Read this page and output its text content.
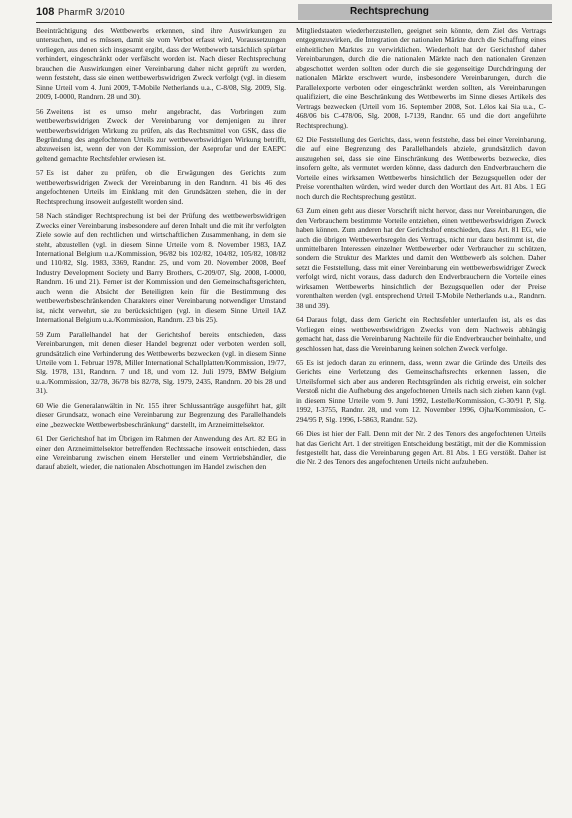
108 PharmR 3/2010	Rechtsprechung

Beeinträchtigung des Wettbewerbs erkennen, sind ihre Auswirkungen zu untersuchen, und es müssen, damit sie vom Verbot erfasst wird, Voraussetzungen vorliegen, aus denen sich insgesamt ergibt, dass der Wettbewerb tatsächlich spürbar verhindert, eingeschränkt oder verfälscht worden ist. Nach dieser Rechtsprechung brauchen die Auswirkungen einer Vereinbarung daher nicht geprüft zu werden, wenn feststeht, dass sie einen wettbewerbswidrigen Zweck verfolgt (vgl. in diesem Sinne Urteil vom 4. Juni 2009, T-Mobile Netherlands u.a., C-8/08, Slg. 2009, Slg. 2009, I-0000, Randnrn. 28 und 30).

56 Zweitens ist es umso mehr angebracht, das Vorbringen zum wettbewerbswidrigen Zweck der Vereinbarung vor demjenigen zu ihrer wettbewerbswidrigen Wirkung zu prüfen, als das Rechtsmittel von GSK, dass die Begründung des angefochtenen Urteils zur wettbewerbswidrigen Wirkung betrifft, abzuweisen ist, wenn der von der Kommission, der Aseprofar und der EAEPC geltend gemachte Rechtsfehler erwiesen ist.

57 Es ist daher zu prüfen, ob die Erwägungen des Gerichts zum wettbewerbswidrigen Zweck der Vereinbarung in den Randnrn. 41 bis 46 des angefochtenen Urteils im Einklang mit den Grundsätzen stehen, die in der Rechtsprechung insoweit aufgestellt worden sind.

58 Nach ständiger Rechtsprechung ist bei der Prüfung des wettbewerbswidrigen Zwecks einer Vereinbarung insbesondere auf deren Inhalt und die mit ihr verfolgten Ziele sowie auf den rechtlichen und wirtschaftlichen Zusammenhang, in dem sie steht, abzustellen (vgl. in diesem Sinne Urteile vom 8. November 1983, IAZ International Belgium u.a./Kommission, 96/82 bis 102/82, 104/82, 105/82, 108/82 und 110/82, Slg. 1983, 3369, Randnr. 25, und vom 20. November 2008, Beef Industry Development Society und Barry Brothers, C-209/07, Slg. 2008, I-0000, Randnrn. 16 und 21). Ferner ist der Kommission und den Gemeinschaftsgerichten, auch wenn die Absicht der Beteiligten kein für die Bestimmung des wettbewerbsbeschränkenden Charakters einer Vereinbarung notwendiger Umstand ist, nicht verwehrt, sie zu berücksichtigen (vgl. in diesem Sinne Urteil IAZ International Belgium u.a./Kommission, Randnrn. 23 bis 25).

59 Zum Parallelhandel hat der Gerichtshof bereits entschieden, dass Vereinbarungen, mit denen dieser Handel begrenzt oder verboten werden soll, grundsätzlich eine Verhinderung des Wettbewerbs bezwecken (vgl. in diesem Sinne Urteile vom 1. Februar 1978, Miller International Schallplatten/Kommission, 19/77, Slg. 1978, 131, Randnrn. 7 und 18, und vom 12. Juli 1979, BMW Belgium u.a./Kommission, 32/78, 36/78 bis 82/78, Slg. 1979, 2435, Randnrn. 20 bis 28 und 31).

60 Wie die Generalanwältin in Nr. 155 ihrer Schlussanträge ausgeführt hat, gilt dieser Grundsatz, wonach eine Vereinbarung zur Begrenzung des Parallelhandels eine „bezweckte Wettbewerbsbeschränkung“ darstellt, im Arzneimittelsektor.

61 Der Gerichtshof hat im Übrigen im Rahmen der Anwendung des Art. 82 EG in einer den Arzneimittelsektor betreffenden Rechtssache insoweit entschieden, dass eine Vereinbarung zwischen einem Hersteller und einem Vertriebshändler, die darauf abzielt, wieder, die nationalen Abschottungen im Handel zwischen den

Mitgliedstaaten wiederherzustellen, geeignet sein könnte, dem Ziel des Vertrags entgegenzuwirken, die Integration der nationalen Märkte durch die Schaffung eines einheitlichen Marktes zu verwirklichen. Wiederholt hat der Gerichtshof daher Vereinbarungen, durch die die nationalen Märkte nach den nationalen Grenzen abgeschottet werden sollten oder durch die sie gegenseitige Durchdringung der nationalen Märkte erschwert wurde, insbesondere Vereinbarungen, durch die Parallelexporte verboten oder eingeschränkt werden sollten, als Vereinbarungen qualifiziert, die eine Beschränkung des Wettbewerbs im Sinne dieses Artikels des Vertrags bezwecken (Urteil vom 16. September 2008, Sot. Lélos kai Sia u.a., C-468/06 bis C-478/06, Slg. 2008, I-7139, Randnr. 65 und die dort angeführte Rechtsprechung).

62 Die Feststellung des Gerichts, dass, wenn feststehe, dass bei einer Vereinbarung, die auf eine Begrenzung des Parallelhandels abziele, grundsätzlich davon auszugehen sei, dass sie eine Einschränkung des Wettbewerbs bezwecke, dies insofern gelte, als vermutet werden könne, dass dadurch den Endverbrauchern die Vorteile eines wirksamen Wettbewerbs hinsichtlich der Bezugsquellen oder der Preise vorenthalten würden, wird weder durch den Wortlaut des Art. 81 Abs. 1 EG noch durch die Rechtsprechung gestützt.

63 Zum einen geht aus dieser Vorschrift nicht hervor, dass nur Vereinbarungen, die den Verbrauchern bestimmte Vorteile entziehen, einen wettbewerbswidrigen Zweck haben können. Zum anderen hat der Gerichtshof entschieden, dass Art. 81 EG, wie auch die übrigen Wettbewerbsregeln des Vertrags, nicht nur dazu bestimmt ist, die unmittelbaren Interessen einzelner Wettbewerber oder Verbraucher zu schützen, sondern die Struktur des Marktes und damit den Wettbewerb als solchen. Daher setzt die Feststellung, dass mit einer Vereinbarung ein wettbewerbswidriger Zweck verfolgt wird, nicht voraus, dass dadurch den Endverbrauchern die Vorteile eines wirksamen Wettbewerbs hinsichtlich der Bezugsquellen oder der Preise vorenthalten werden (vgl. entsprechend Urteil T-Mobile Netherlands u.a., Randnrn. 38 und 39).

64 Daraus folgt, dass dem Gericht ein Rechtsfehler unterlaufen ist, als es das Vorliegen eines wettbewerbswidrigen Zwecks von dem Nachweis abhängig gemacht hat, dass die Vereinbarung Nachteile für die Endverbraucher beinhalte, und geschlossen hat, dass die Vereinbarung keinen solchen Zweck verfolge.

65 Es ist jedoch daran zu erinnern, dass, wenn zwar die Gründe des Urteils des Gerichts eine Verletzung des Gemeinschaftsrechts erkennen lassen, die Urteilsformel sich aber aus anderen Rechtsgründen als richtig erweist, ein solcher Verstoß nicht die Aufhebung des angefochtenen Urteils nach sich ziehen kann (vgl. in diesem Sinne Urteile vom 9. Juni 1992, Lestelle/Kommission, C-30/91 P, Slg. 1992, I-3755, Randnr. 28, und vom 12. November 1996, Ojha/Kommission, C-294/95 P, Slg. 1996, I-5863, Randnr. 52).

66 Dies ist hier der Fall. Denn mit der Nr. 2 des Tenors des angefochtenen Urteils hat das Gericht Art. 1 der streitigen Entscheidung bestätigt, mit der die Kommission festgestellt hat, dass die Vereinbarung gegen Art. 81 Abs. 1 EG verstößt. Daher ist die Nr. 2 des Tenors des angefochtenen Urteils nicht aufzuheben.
